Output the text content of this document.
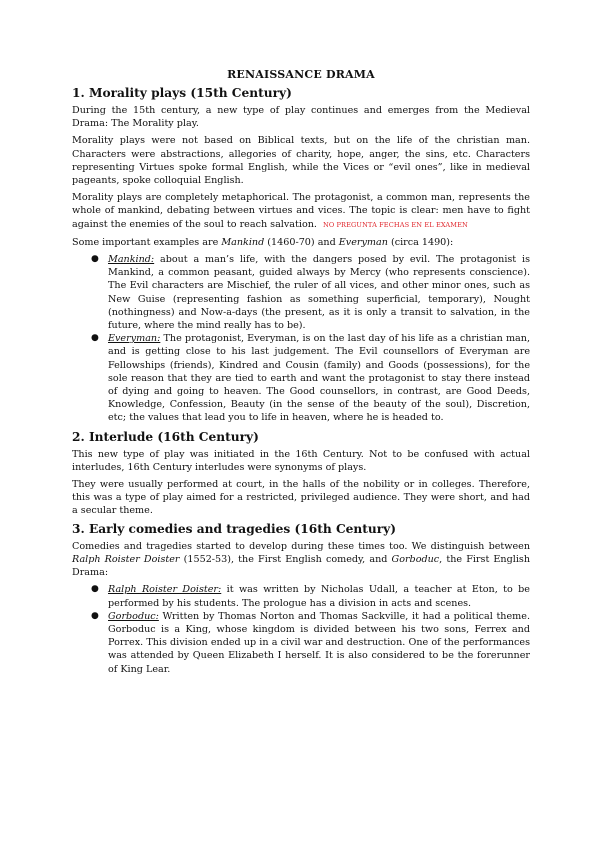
RENAISSANCE DRAMA
1. Morality plays (15th Century)

During the 15th century, a new type of play continues and emerges from the Medieval Drama: The Morality play.

Morality plays were not based on Biblical texts, but on the life of the christian man. Characters were abstractions, allegories of charity, hope, anger, the sins, etc. Characters representing Virtues spoke formal English, while the Vices or “evil ones”, like in medieval pageants, spoke colloquial English.

Morality plays are completely metaphorical. The protagonist, a common man, represents the whole of mankind, debating between virtues and vices. The topic is clear: men have to fight against the enemies of the soul to reach salvation. NO PREGUNTA FECHAS EN EL EXAMEN

Some important examples are Mankind (1460-70) and Everyman (circa 1490):

● Mankind: about a man’s life, with the dangers posed by evil. The protagonist is Mankind, a common peasant, guided always by Mercy (who represents conscience). The Evil characters are Mischief, the ruler of all vices, and other minor ones, such as New Guise (representing fashion as something superficial, temporary), Nought (nothingness) and Now-a-days (the present, as it is only a transit to salvation, in the future, where the mind really has to be).
● Everyman: The protagonist, Everyman, is on the last day of his life as a christian man, and is getting close to his last judgement. The Evil counsellors of Everyman are Fellowships (friends), Kindred and Cousin (family) and Goods (possessions), for the sole reason that they are tied to earth and want the protagonist to stay there instead of dying and going to heaven. The Good counsellors, in contrast, are Good Deeds, Knowledge, Confession, Beauty (in the sense of the beauty of the soul), Discretion, etc; the values that lead you to life in heaven, where he is headed to.
2. Interlude (16th Century)

This new type of play was initiated in the 16th Century. Not to be confused with actual interludes, 16th Century interludes were synonyms of plays.

They were usually performed at court, in the halls of the nobility or in colleges. Therefore, this was a type of play aimed for a restricted, privileged audience. They were short, and had a secular theme.

3. Early comedies and tragedies (16th Century)

Comedies and tragedies started to develop during these times too. We distinguish between Ralph Roister Doister (1552-53), the First English comedy, and Gorboduc, the First English Drama:

● Ralph Roister Doister: it was written by Nicholas Udall, a teacher at Eton, to be performed by his students. The prologue has a division in acts and scenes.
● Gorboduc: Written by Thomas Norton and Thomas Sackville, it had a political theme. Gorboduc is a King, whose kingdom is divided between his two sons, Ferrex and Porrex. This division ended up in a civil war and destruction. One of the performances was attended by Queen Elizabeth I herself. It is also considered to be the forerunner of King Lear.
